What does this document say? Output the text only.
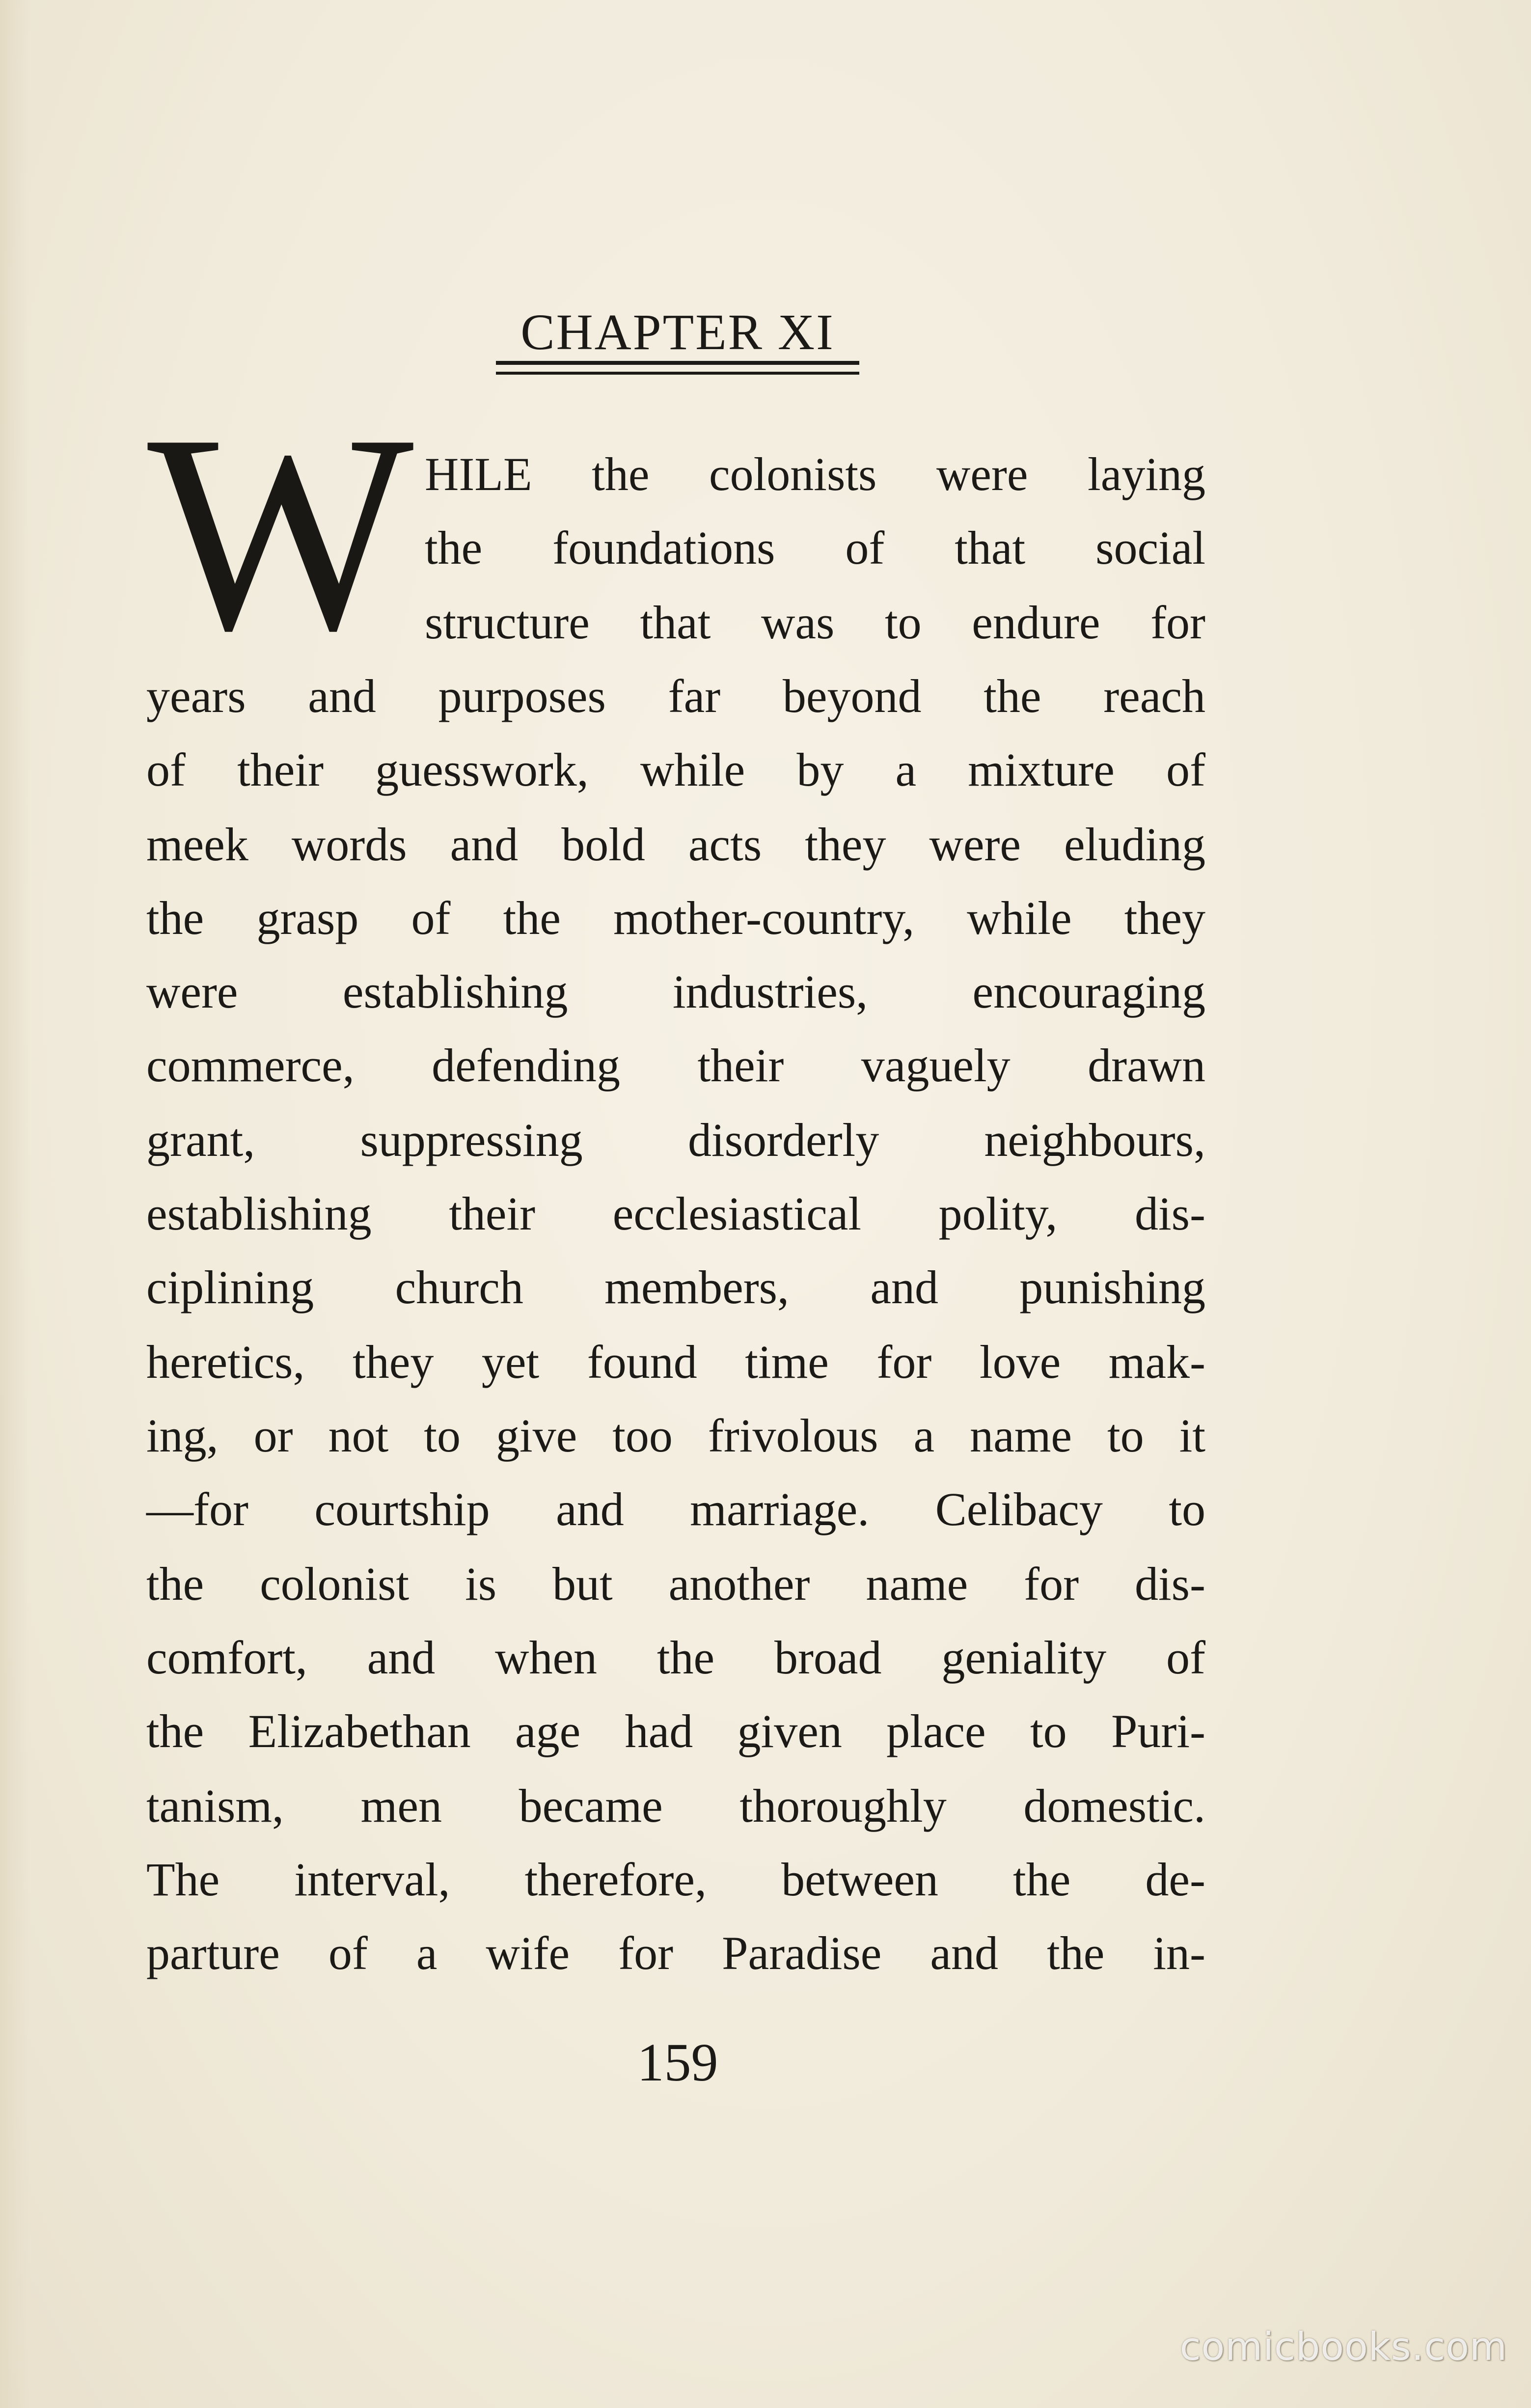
CHAPTER XI
W HILE the colonists were laying
the foundations of that social
structure that was to endure for
years and purposes far beyond the reach
of their guesswork, while by a mixture of
meek words and bold acts they were eluding
the grasp of the mother-country, while they
were establishing industries, encouraging
commerce, defending their vaguely drawn
grant, suppressing disorderly neighbours,
establishing their ecclesiastical polity, dis-
ciplining church members, and punishing
heretics, they yet found time for love mak-
ing, or not to give too frivolous a name to it
—for courtship and marriage. Celibacy to
the colonist is but another name for dis-
comfort, and when the broad geniality of
the Elizabethan age had given place to Puri-
tanism, men became thoroughly domestic.
The interval, therefore, between the de-
parture of a wife for Paradise and the in-
159
comicbooks.com
